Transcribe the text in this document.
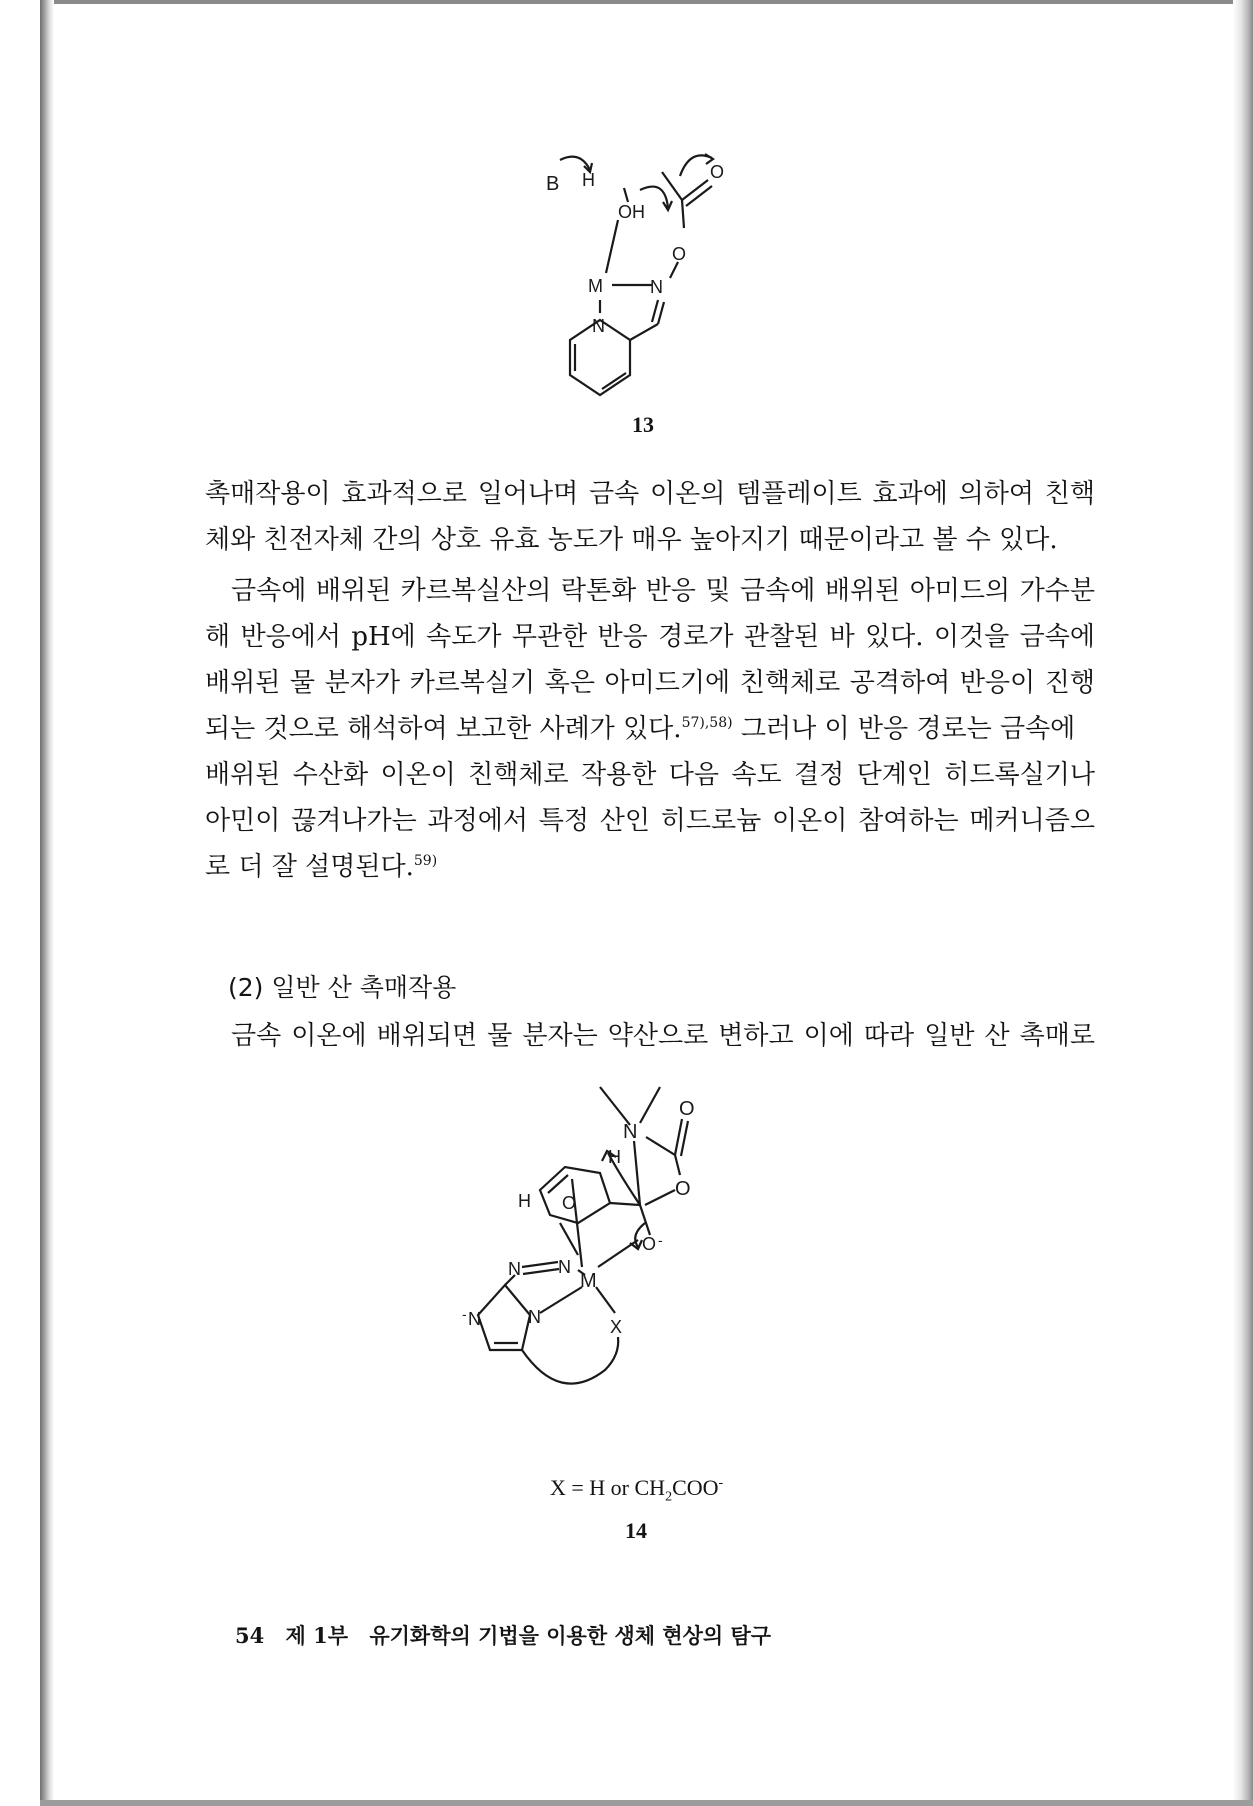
B H
OH
O
O
M	N
N
13
촉매작용이 효과적으로 일어나며 금속 이온의 템플레이트 효과에 의하여 친핵
체와 친전자체 간의 상호 유효 농도가 매우 높아지기 때문이라고 볼 수 있다.
금속에 배위된 카르복실산의 락톤화 반응 및 금속에 배위된 아미드의 가수분
해 반응에서 pH에 속도가 무관한 반응 경로가 관찰된 바 있다. 이것을 금속에
배위된 물 분자가 카르복실기 혹은 아미드기에 친핵체로 공격하여 반응이 진행
되는 것으로 해석하여 보고한 사례가 있다.$^{57),58)}$ 그러나 이 반응 경로는 금속에
배위된 수산화 이온이 친핵체로 작용한 다음 속도 결정 단계인 히드록실기나
아민이 끊겨나가는 과정에서 특정 산인 히드로늄 이온이 참여하는 메커니즘으
로 더 잘 설명된다.$^{59)}$
(2) 일반 산 촉매작용
금속 이온에 배위되면 물 분자는 약산으로 변하고 이에 따라 일반 산 촉매로
N
O
O
H
H O
O -
M
N N
N
-	N	X
X = H or $CH_2COO^-$
14
54 제 1부 유기화학의 기법을 이용한 생체 현상의 탐구
